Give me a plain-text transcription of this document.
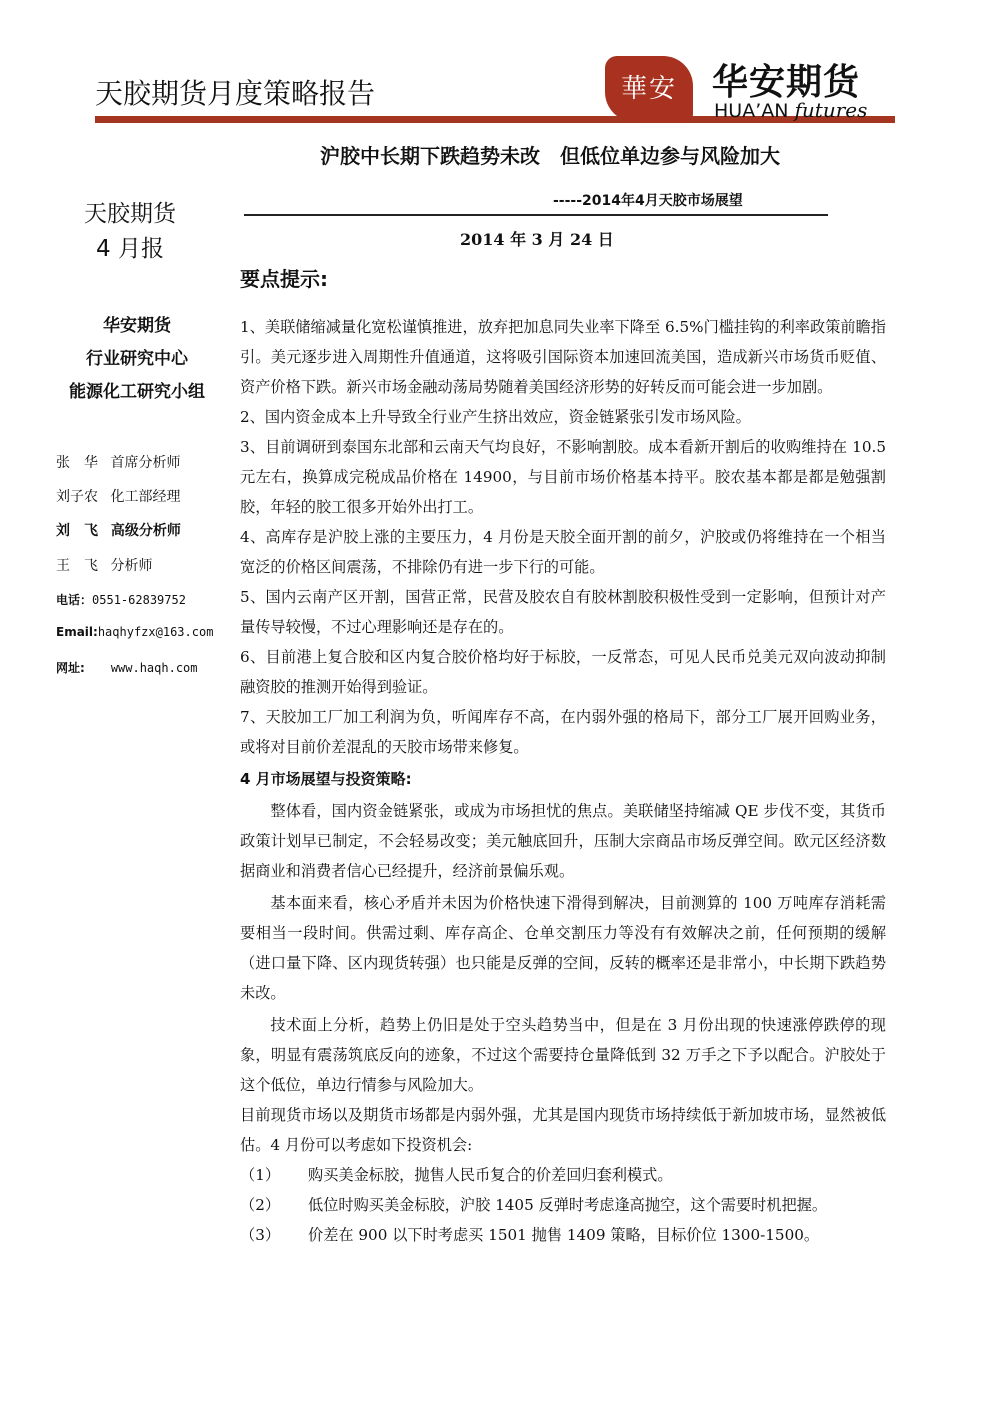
天胶期货月度策略报告	華安 华安期货
HUA’AN futures
沪胶中长期下跌趋势未改　但低位单边参与风险加大
-----2014年4月天胶市场展望
2014 年 3 月 24 日
天胶期货
4 月报
华安期货
行业研究中心
能源化工研究小组
张　华 首席分析师
刘子农 化工部经理
刘　飞 高级分析师
王　飞 分析师
电话：0551-62839752
Email:haqhyfzx@163.com
网址: www.haqh.com
要点提示:

1、美联储缩减量化宽松谨慎推进，放弃把加息同失业率下降至 6.5%门槛挂钩的利率政策前瞻指引。美元逐步进入周期性升值通道，这将吸引国际资本加速回流美国，造成新兴市场货币贬值、资产价格下跌。新兴市场金融动荡局势随着美国经济形势的好转反而可能会进一步加剧。

2、国内资金成本上升导致全行业产生挤出效应，资金链紧张引发市场风险。

3、目前调研到泰国东北部和云南天气均良好，不影响割胶。成本看新开割后的收购维持在 10.5 元左右，换算成完税成品价格在 14900，与目前市场价格基本持平。胶农基本都是都是勉强割胶，年轻的胶工很多开始外出打工。

4、高库存是沪胶上涨的主要压力，4 月份是天胶全面开割的前夕，沪胶或仍将维持在一个相当宽泛的价格区间震荡，不排除仍有进一步下行的可能。

5、国内云南产区开割，国营正常，民营及胶农自有胶林割胶积极性受到一定影响，但预计对产量传导较慢，不过心理影响还是存在的。

6、目前港上复合胶和区内复合胶价格均好于标胶，一反常态，可见人民币兑美元双向波动抑制融资胶的推测开始得到验证。

7、天胶加工厂加工利润为负，听闻库存不高，在内弱外强的格局下，部分工厂展开回购业务，或将对目前价差混乱的天胶市场带来修复。

4 月市场展望与投资策略:

整体看，国内资金链紧张，或成为市场担忧的焦点。美联储坚持缩减 QE 步伐不变，其货币政策计划早已制定，不会轻易改变；美元触底回升，压制大宗商品市场反弹空间。欧元区经济数据商业和消费者信心已经提升，经济前景偏乐观。

基本面来看，核心矛盾并未因为价格快速下滑得到解决，目前测算的 100 万吨库存消耗需要相当一段时间。供需过剩、库存高企、仓单交割压力等没有有效解决之前，任何预期的缓解（进口量下降、区内现货转强）也只能是反弹的空间，反转的概率还是非常小，中长期下跌趋势未改。

技术面上分析，趋势上仍旧是处于空头趋势当中，但是在 3 月份出现的快速涨停跌停的现象，明显有震荡筑底反向的迹象，不过这个需要持仓量降低到 32 万手之下予以配合。沪胶处于这个低位，单边行情参与风险加大。

目前现货市场以及期货市场都是内弱外强，尤其是国内现货市场持续低于新加坡市场，显然被低估。4 月份可以考虑如下投资机会:

（1）	购买美金标胶，抛售人民币复合的价差回归套利模式。
（2）	低位时购买美金标胶，沪胶 1405 反弹时考虑逢高抛空，这个需要时机把握。
（3）	价差在 900 以下时考虑买 1501 抛售 1409 策略，目标价位 1300-1500。
